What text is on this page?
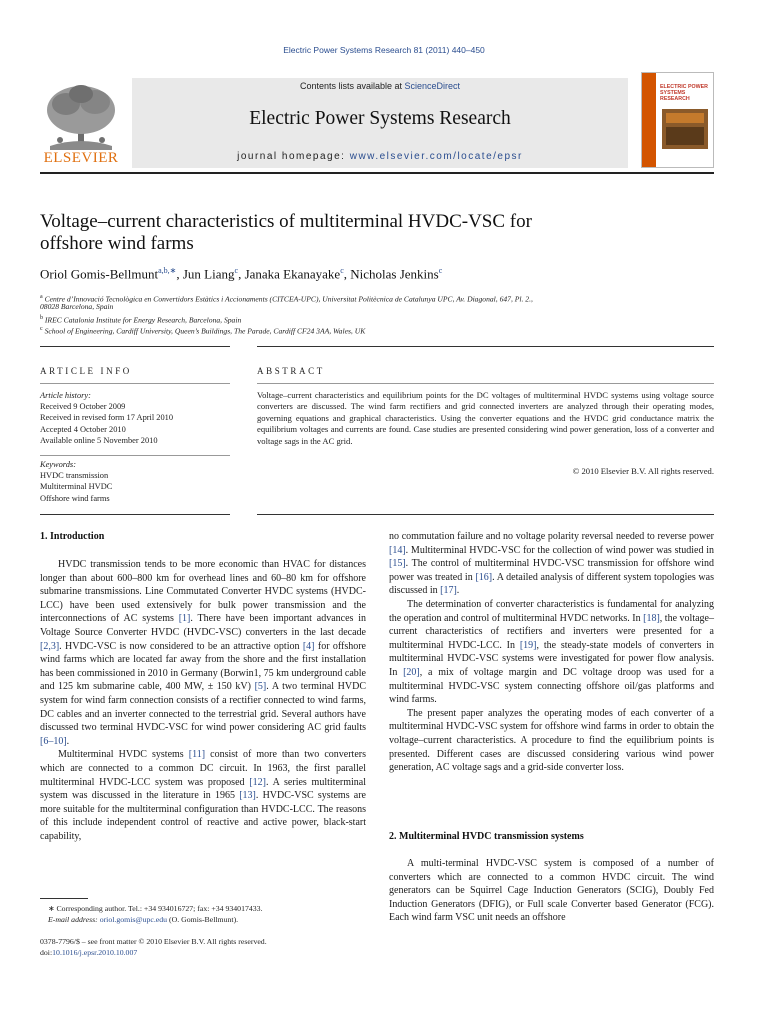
Electric Power Systems Research 81 (2011) 440–450
Contents lists available at ScienceDirect
Electric Power Systems Research
journal homepage: www.elsevier.com/locate/epsr
ELSEVIER
ELECTRIC POWER SYSTEMS RESEARCH
Voltage–current characteristics of multiterminal HVDC-VSC for
offshore wind farms
Oriol Gomis-Bellmunt$^{a,b,∗}$, Jun Liang$^c$, Janaka Ekanayake$^c$, Nicholas Jenkins$^c$
$^a$ Centre d’Innovació Tecnològica en Convertidors Estàtics i Accionaments (CITCEA-UPC), Universitat Politècnica de Catalunya UPC, Av. Diagonal, 647, Pl. 2.,
08028 Barcelona, Spain
$^b$ IREC Catalonia Institute for Energy Research, Barcelona, Spain
$^c$ School of Engineering, Cardiff University, Queen’s Buildings, The Parade, Cardiff CF24 3AA, Wales, UK
ARTICLE INFO	ABSTRACT
Article history:
Received 9 October 2009
Received in revised form 17 April 2010
Accepted 4 October 2010
Available online 5 November 2010
Keywords:
HVDC transmission
Multiterminal HVDC
Offshore wind farms
Voltage–current characteristics and equilibrium points for the DC voltages of multiterminal HVDC systems using voltage source converters are discussed. The wind farm rectifiers and grid connected inverters are analyzed through their operating modes, governing equations and graphical characteristics. Using the converter equations and the HVDC grid conductance matrix the equilibrium voltages and currents are found. Case studies are presented considering wind power generation, loss of a converter and voltage sags in the AC grid.
© 2010 Elsevier B.V. All rights reserved.
1. Introduction

HVDC transmission tends to be more economic than HVAC for distances longer than about 600–800 km for overhead lines and 60–80 km for offshore submarine transmissions. Line Commutated Converter HVDC systems (HVDC-LCC) have been used extensively for bulk power transmission and the interconnections of AC systems [1]. There have been important advances in Voltage Source Converter HVDC (HVDC-VSC) converters in the last decade [2,3]. HVDC-VSC is now considered to be an attractive option [4] for offshore wind farms which are located far away from the shore and the first installation has been commissioned in 2010 in Germany (Borwin1, 75 km underground cable and 125 km submarine cable, 400 MW, ± 150 kV) [5]. A two terminal HVDC system for wind farm connection consists of a rectifier connected to wind farms, DC cables and an inverter connected to the terrestrial grid. Several authors have discussed two terminal HVDC-VSC for wind power considering AC grid faults [6–10].

Multiterminal HVDC systems [11] consist of more than two converters which are connected to a common DC circuit. In 1963, the first parallel multiterminal HVDC-LCC system was proposed [12]. A series multiterminal system was discussed in the literature in 1965 [13]. HVDC-VSC systems are more suitable for the multiterminal configuration than HVDC-LCC. The reasons of this include independent control of reactive and active power, black-start capability,

no commutation failure and no voltage polarity reversal needed to reverse power [14]. Multiterminal HVDC-VSC for the collection of wind power was studied in [15]. The control of multiterminal HVDC-VSC transmission for offshore wind power was treated in [16]. A detailed analysis of different system topologies was discussed in [17].

The determination of converter characteristics is fundamental for analyzing the operation and control of multiterminal HVDC networks. In [18], the voltage–current characteristics of rectifiers and inverters were presented for a multiterminal HVDC-LCC. In [19], the steady-state models of converters in multiterminal HVDC-VSC systems were investigated for power flow analysis. In [20], a mix of voltage margin and DC voltage droop was used for a multiterminal HVDC-VSC system connecting offshore oil/gas platforms and wind farms.

The present paper analyzes the operating modes of each converter of a multiterminal HVDC-VSC system for offshore wind farms in order to obtain the voltage–current characteristics. A procedure to find the equilibrium points is presented. Different cases are discussed considering various wind power generation, AC voltage sags and a grid-side converter loss.

2. Multiterminal HVDC transmission systems

A multi-terminal HVDC-VSC system is composed of a number of converters which are connected to a common HVDC circuit. The wind generators can be Squirrel Cage Induction Generators (SCIG), Doubly Fed Induction Generators (DFIG), or Full scale Converter based Generator (FCG). Each wind farm VSC unit needs an offshore

∗ Corresponding author. Tel.: +34 934016727; fax: +34 934017433.
E-mail address: oriol.gomis@upc.edu (O. Gomis-Bellmunt).
0378-7796/$ – see front matter © 2010 Elsevier B.V. All rights reserved.
doi:10.1016/j.epsr.2010.10.007
